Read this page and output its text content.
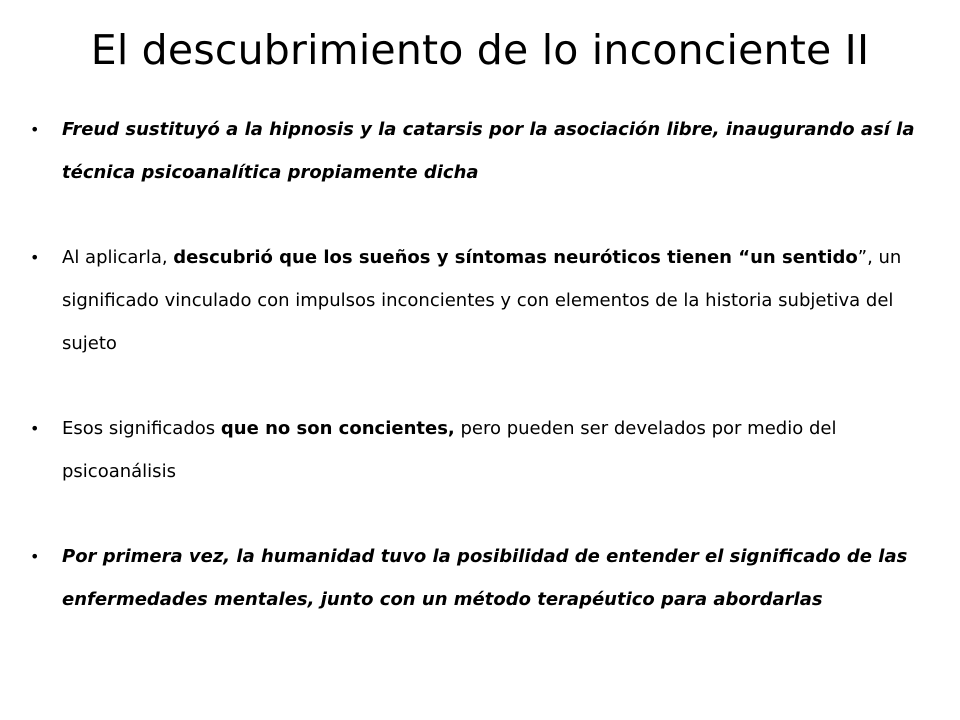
El descubrimiento de lo inconciente II
• Freud sustituyó a la hipnosis y la catarsis por la asociación libre, inaugurando así la técnica psicoanalítica propiamente dicha
• Al aplicarla, descubrió que los sueños y síntomas neuróticos tienen “un sentido”, un significado vinculado con impulsos inconcientes y con elementos de la historia subjetiva del sujeto
• Esos significados que no son concientes, pero pueden ser develados por medio del psicoanálisis
• Por primera vez, la humanidad tuvo la posibilidad de entender el significado de las enfermedades mentales, junto con un método terapéutico para abordarlas
